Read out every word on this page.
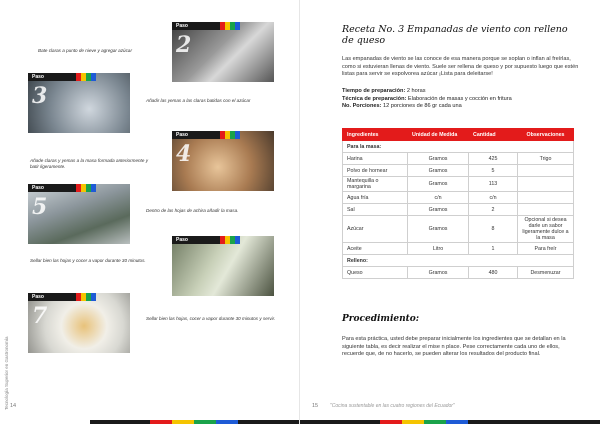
Paso
2
Bate claras a punto de nieve y agregar azúcar
Paso
3	Añadir las yemas a las claras batidas con el azúcar
Paso
4
Añade claras y yemas a la masa formada anteriormente y batir ligeramente.
Paso
5	Dentro de las hojas de achira añadir la masa.
Paso
Sellar bien las hojas y cocer a vapor durante 30 minutos.
Paso
7	Sellar bien las hojas, cocer a vapor durante 30 minutos y servir.
Tecnología Superior en Gastronomía 14
Receta No. 3 Empanadas de viento con relleno de queso
Las empanadas de viento se las conoce de esa manera porque se soplan o inflan al freírlas, como si estuvieran llenas de viento. Suele ser rellena de queso y por supuesto luego que estén listas para servir se espolvorea azúcar ¡Lista para deleitarse!
Tiempo de preparación: 2 horas
Técnica de preparación: Elaboración de masas y cocción en fritura
No. Porciones: 12 porciones de 86 gr cada una
Ingredientes	Unidad de Medida	Cantidad	Observaciones
Para la masa:			
Harina	Gramos	425	Trigo
Polvo de hornear	Gramos	5	
Mantequilla o margarina	Gramos	113	
Agua fría	c/n	c/n	
Sal	Gramos	2	
Azúcar	Gramos	8	Opcional si desea darle un sabor ligeramente dulce a la masa
Aceite	Litro	1	Para freír
Relleno:			
Queso	Gramos	480	Desmenuzar
Procedimiento:
Para esta práctica, usted debe preparar inicialmente los ingredientes que se detallan en la siguiente tabla, es decir realizar el mise n place. Pese correctamente cada uno de ellos, recuerde que, de no hacerlo, se pueden alterar los resultados del producto final.
15 "Cocina sustentable en las cuatro regiones del Ecuador"
